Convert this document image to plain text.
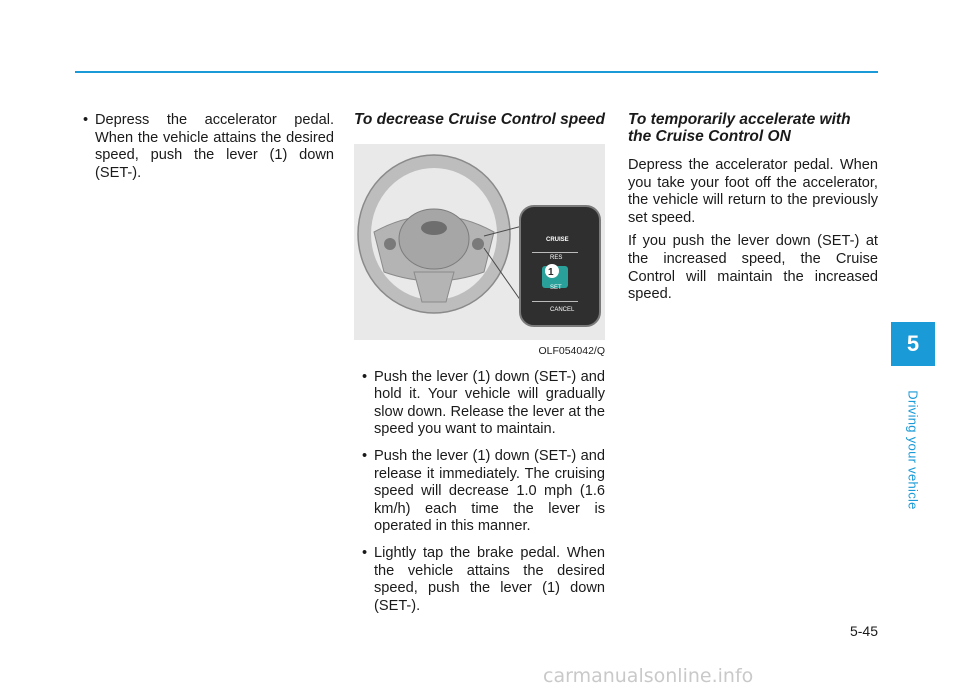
• Depress the accelerator pedal. When the vehicle attains the desired speed, push the lever (1) down (SET-).

To decrease Cruise Control speed
CRUISE
RES
SET
CANCEL
1
OLF054042/Q

• Push the lever (1) down (SET-) and hold it. Your vehicle will gradually slow down. Release the lever at the speed you want to maintain.

• Push the lever (1) down (SET-) and release it immediately. The cruising speed will decrease 1.0 mph (1.6 km/h) each time the lever is operated in this manner.

• Lightly tap the brake pedal. When the vehicle attains the desired speed, push the lever (1) down (SET-).

To temporarily accelerate with the Cruise Control ON

Depress the accelerator pedal. When you take your foot off the accelerator, the vehicle will return to the previously set speed.

If you push the lever down (SET-) at the increased speed, the Cruise Control will maintain the increased speed.

5
Driving your vehicle
5-45
carmanualsonline.info
